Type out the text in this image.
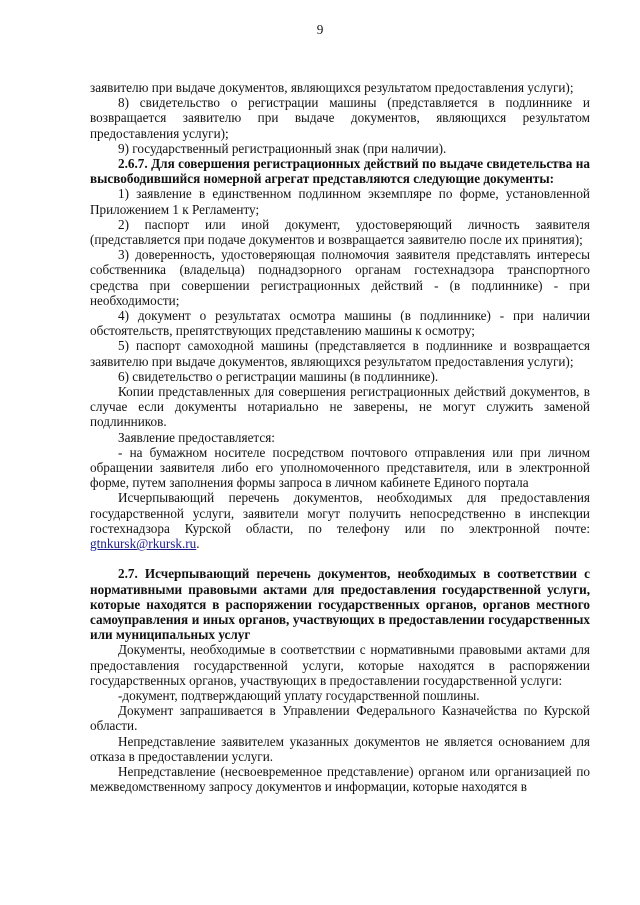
9

заявителю при выдаче документов, являющихся результатом предоставления услуги);

8) свидетельство о регистрации машины (представляется в подлиннике и возвращается заявителю при выдаче документов, являющихся результатом предоставления услуги);

9) государственный регистрационный знак (при наличии).

2.6.7. Для совершения регистрационных действий по выдаче свидетельства на высвободившийся номерной агрегат представляются следующие документы:

1) заявление в единственном подлинном экземпляре по форме, установленной Приложением 1 к Регламенту;

2) паспорт или иной документ, удостоверяющий личность заявителя (представляется при подаче документов и возвращается заявителю после их принятия);

3) доверенность, удостоверяющая полномочия заявителя представлять интересы собственника (владельца) поднадзорного органам гостехнадзора транспортного средства при совершении регистрационных действий - (в подлиннике) - при необходимости;

4) документ о результатах осмотра машины (в подлиннике) - при наличии обстоятельств, препятствующих представлению машины к осмотру;

5) паспорт самоходной машины (представляется в подлиннике и возвращается заявителю при выдаче документов, являющихся результатом предоставления услуги);

6) свидетельство о регистрации машины (в подлиннике).

Копии представленных для совершения регистрационных действий документов, в случае если документы нотариально не заверены, не могут служить заменой подлинников.

Заявление предоставляется:

- на бумажном носителе посредством почтового отправления или при личном обращении заявителя либо его уполномоченного представителя, или в электронной форме, путем заполнения формы запроса в личном кабинете Единого портала

Исчерпывающий перечень документов, необходимых для предоставления государственной услуги, заявители могут получить непосредственно в инспекции гостехнадзора Курской области, по телефону или по электронной почте: gtnkursk@rkursk.ru.

2.7. Исчерпывающий перечень документов, необходимых в соответствии с нормативными правовыми актами для предоставления государственной услуги, которые находятся в распоряжении государственных органов, органов местного самоуправления и иных органов, участвующих в предоставлении государственных или муниципальных услуг

Документы, необходимые в соответствии с нормативными правовыми актами для предоставления государственной услуги, которые находятся в распоряжении государственных органов, участвующих в предоставлении государственной услуги:

-документ, подтверждающий уплату государственной пошлины.

Документ запрашивается в Управлении Федерального Казначейства по Курской области.

Непредставление заявителем указанных документов не является основанием для отказа в предоставлении услуги.

Непредставление (несвоевременное представление) органом или организацией по межведомственному запросу документов и информации, которые находятся в
